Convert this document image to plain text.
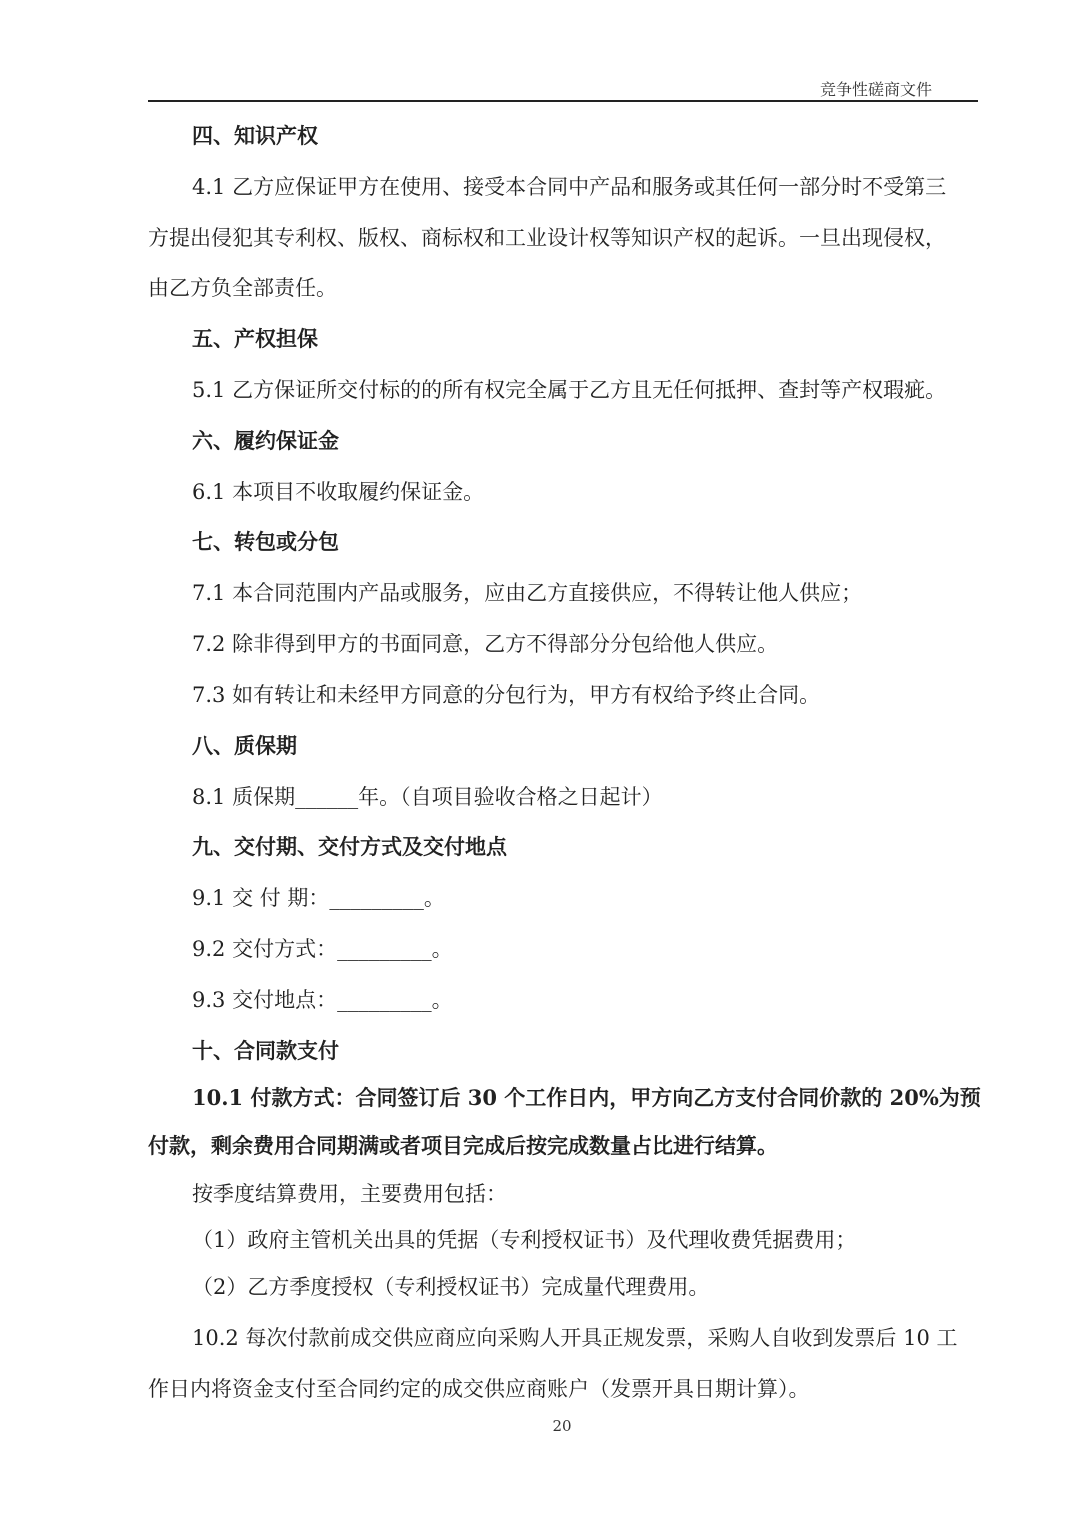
竞争性磋商文件
四、知识产权
4.1 乙方应保证甲方在使用、接受本合同中产品和服务或其任何一部分时不受第三
方提出侵犯其专利权、版权、商标权和工业设计权等知识产权的起诉。一旦出现侵权，
由乙方负全部责任。
五、产权担保
5.1 乙方保证所交付标的的所有权完全属于乙方且无任何抵押、查封等产权瑕疵。
六、履约保证金
6.1 本项目不收取履约保证金。
七、转包或分包
7.1 本合同范围内产品或服务，应由乙方直接供应，不得转让他人供应；
7.2 除非得到甲方的书面同意，乙方不得部分分包给他人供应。
7.3 如有转让和未经甲方同意的分包行为，甲方有权给予终止合同。
八、质保期
8.1 质保期______年。（自项目验收合格之日起计）
九、交付期、交付方式及交付地点
9.1 交 付 期：_________。
9.2 交付方式：_________。
9.3 交付地点：_________。
十、合同款支付
10.1 付款方式：合同签订后 30 个工作日内，甲方向乙方支付合同价款的 20%为预
付款，剩余费用合同期满或者项目完成后按完成数量占比进行结算。
按季度结算费用，主要费用包括：
（1）政府主管机关出具的凭据（专利授权证书）及代理收费凭据费用；
（2）乙方季度授权（专利授权证书）完成量代理费用。
10.2 每次付款前成交供应商应向采购人开具正规发票，采购人自收到发票后 10 工
作日内将资金支付至合同约定的成交供应商账户（发票开具日期计算）。
20
